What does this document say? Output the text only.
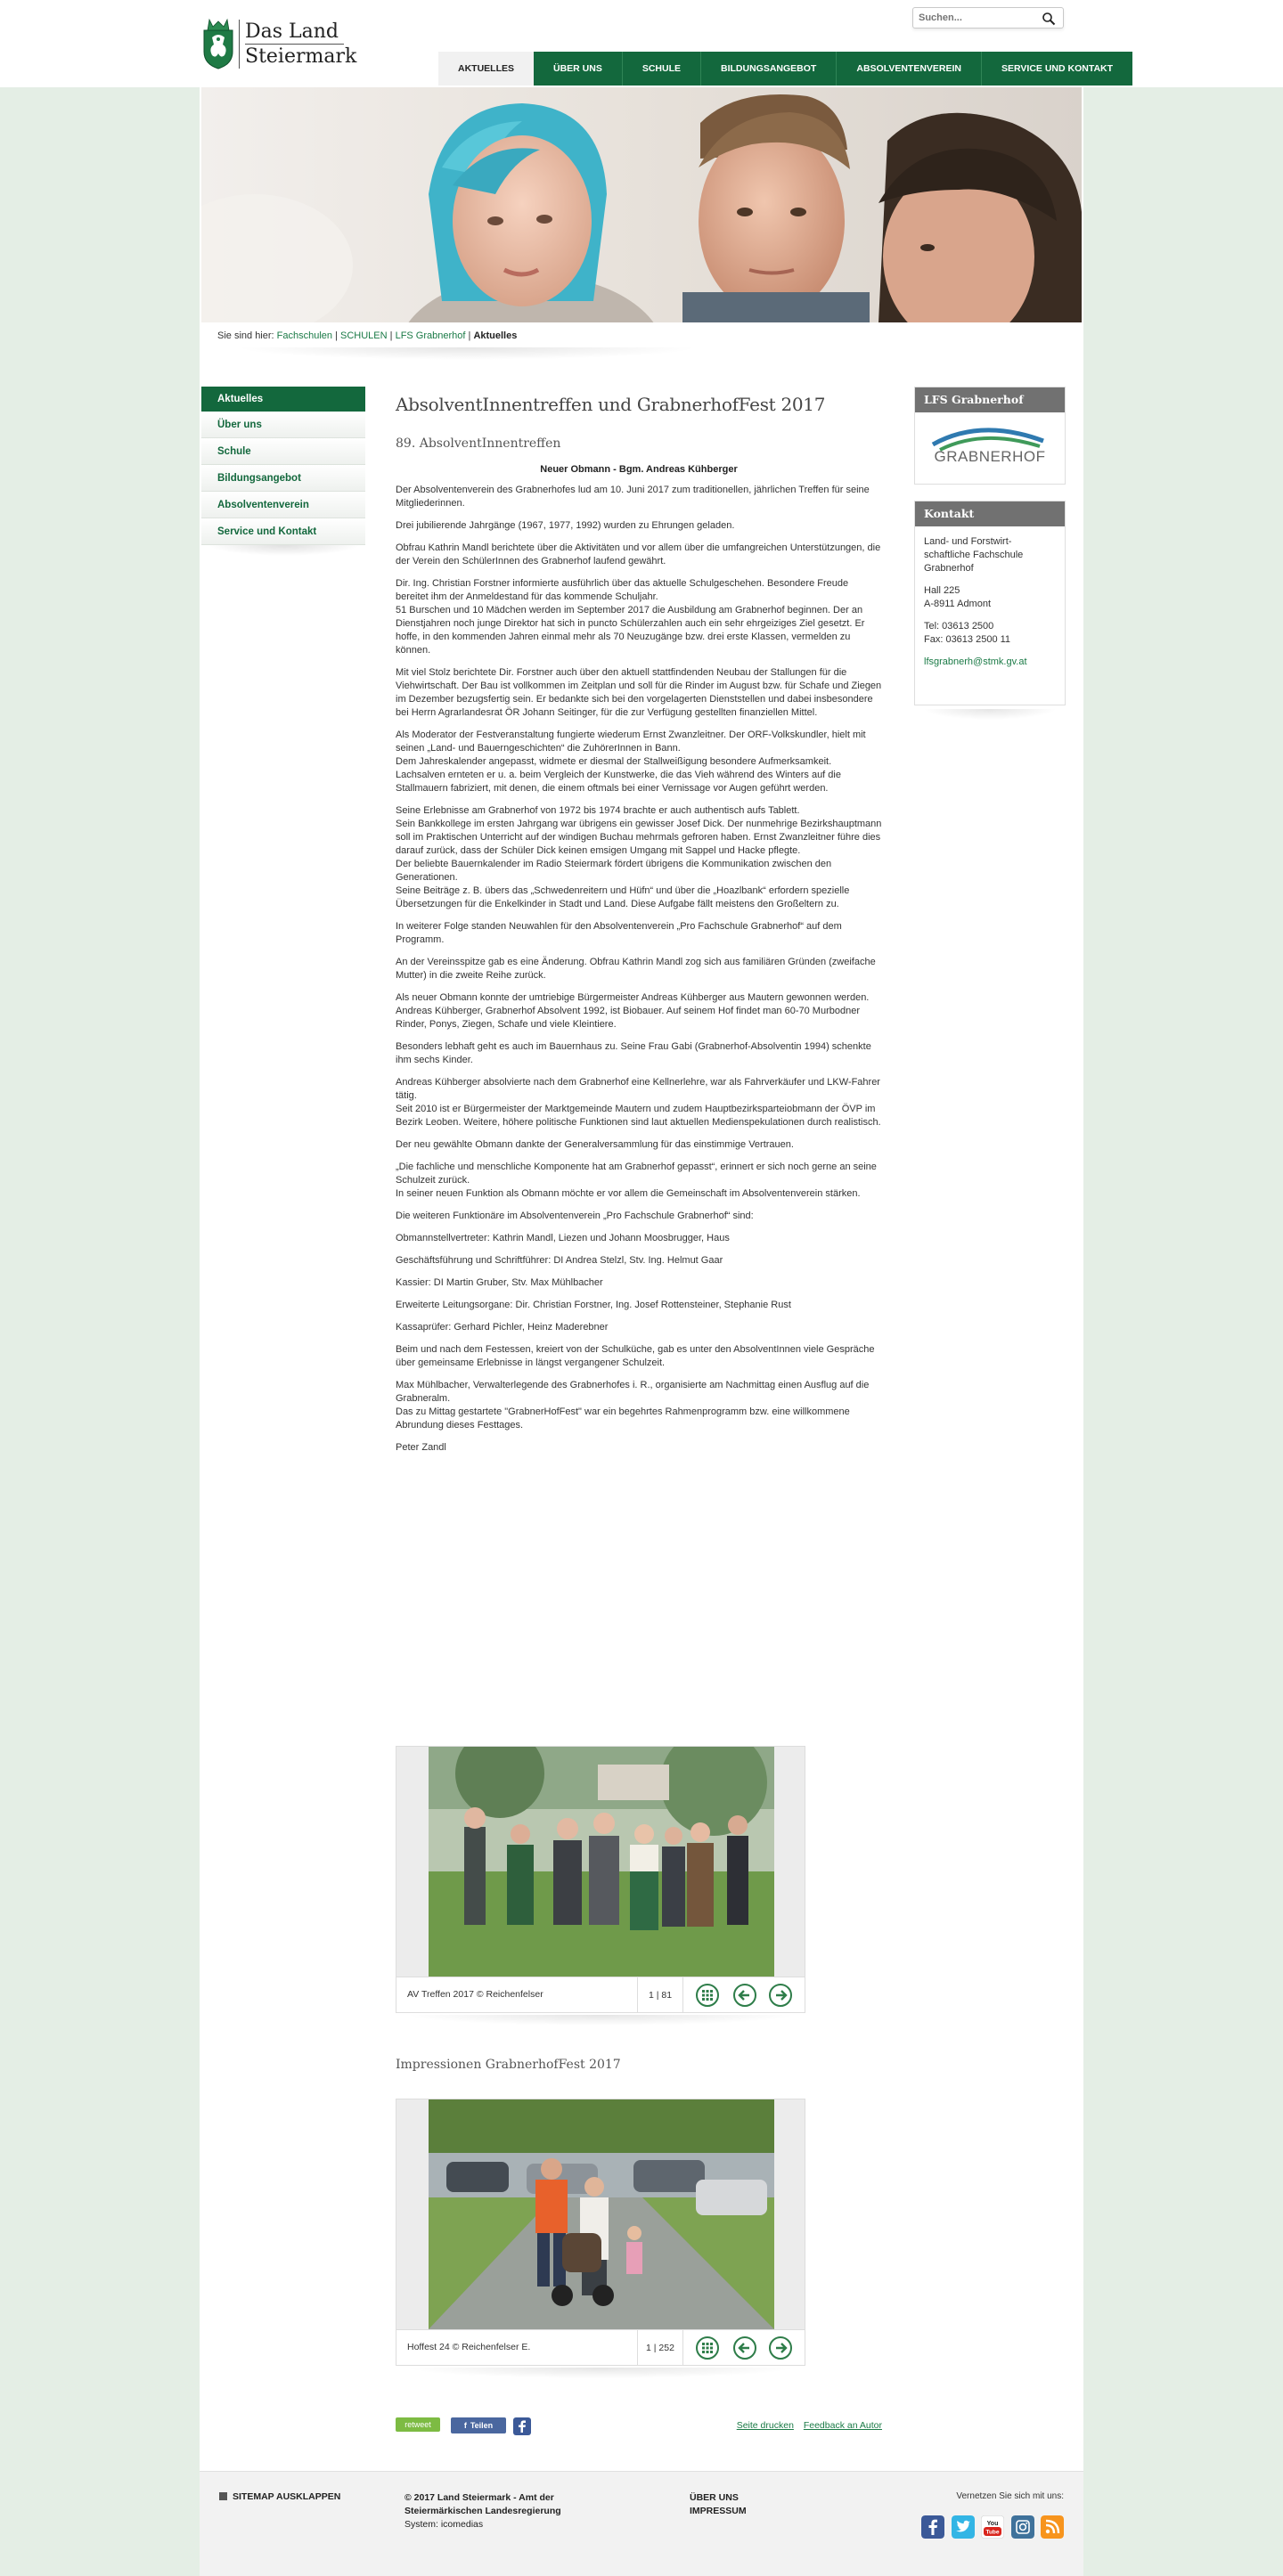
Das Land
Steiermark
Suchen...
AKTUELLES	ÜBER UNS	SCHULE	BILDUNGSANGEBOT	ABSOLVENTENVEREIN	SERVICE UND KONTAKT
Sie sind hier: Fachschulen | SCHULEN | LFS Grabnerhof | Aktuelles
Aktuelles
Über uns
Schule
Bildungsangebot
Absolventenverein
Service und Kontakt
AbsolventInnentreffen und GrabnerhofFest 2017
89. AbsolventInnentreffen
Neuer Obmann - Bgm. Andreas Kühberger

Der Absolventenverein des Grabnerhofes lud am 10. Juni 2017 zum traditionellen, jährlichen Treffen für seine Mitgliederinnen.

Drei jubilierende Jahrgänge (1967, 1977, 1992) wurden zu Ehrungen geladen.

Obfrau Kathrin Mandl berichtete über die Aktivitäten und vor allem über die umfangreichen Unterstützungen, die der Verein den SchülerInnen des Grabnerhof laufend gewährt.

Dir. Ing. Christian Forstner informierte ausführlich über das aktuelle Schulgeschehen. Besondere Freude bereitet ihm der Anmeldestand für das kommende Schuljahr.
51 Burschen und 10 Mädchen werden im September 2017 die Ausbildung am Grabnerhof beginnen. Der an Dienstjahren noch junge Direktor hat sich in puncto Schülerzahlen auch ein sehr ehrgeiziges Ziel gesetzt. Er hoffe, in den kommenden Jahren einmal mehr als 70 Neuzugänge bzw. drei erste Klassen, vermelden zu können.

Mit viel Stolz berichtete Dir. Forstner auch über den aktuell stattfindenden Neubau der Stallungen für die Viehwirtschaft. Der Bau ist vollkommen im Zeitplan und soll für die Rinder im August bzw. für Schafe und Ziegen im Dezember bezugsfertig sein. Er bedankte sich bei den vorgelagerten Dienststellen und dabei insbesondere bei Herrn Agrarlandesrat ÖR Johann Seitinger, für die zur Verfügung gestellten finanziellen Mittel.

Als Moderator der Festveranstaltung fungierte wiederum Ernst Zwanzleitner. Der ORF-Volkskundler, hielt mit seinen „Land- und Bauerngeschichten“ die ZuhörerInnen in Bann.
Dem Jahreskalender angepasst, widmete er diesmal der Stallweißigung besondere Aufmerksamkeit. Lachsalven ernteten er u. a. beim Vergleich der Kunstwerke, die das Vieh während des Winters auf die Stallmauern fabriziert, mit denen, die einem oftmals bei einer Vernissage vor Augen geführt werden.

Seine Erlebnisse am Grabnerhof von 1972 bis 1974 brachte er auch authentisch aufs Tablett.
Sein Bankkollege im ersten Jahrgang war übrigens ein gewisser Josef Dick. Der nunmehrige Bezirkshauptmann soll im Praktischen Unterricht auf der windigen Buchau mehrmals gefroren haben. Ernst Zwanzleitner führe dies darauf zurück, dass der Schüler Dick keinen emsigen Umgang mit Sappel und Hacke pflegte.
Der beliebte Bauernkalender im Radio Steiermark fördert übrigens die Kommunikation zwischen den Generationen.
Seine Beiträge z. B. übers das „Schwedenreitern und Hüfn“ und über die „Hoazlbank“ erfordern spezielle Übersetzungen für die Enkelkinder in Stadt und Land. Diese Aufgabe fällt meistens den Großeltern zu.

In weiterer Folge standen Neuwahlen für den Absolventenverein „Pro Fachschule Grabnerhof“ auf dem Programm.

An der Vereinsspitze gab es eine Änderung. Obfrau Kathrin Mandl zog sich aus familiären Gründen (zweifache Mutter) in die zweite Reihe zurück.

Als neuer Obmann konnte der umtriebige Bürgermeister Andreas Kühberger aus Mautern gewonnen werden.
Andreas Kühberger, Grabnerhof Absolvent 1992, ist Biobauer. Auf seinem Hof findet man 60-70 Murbodner Rinder, Ponys, Ziegen, Schafe und viele Kleintiere.

Besonders lebhaft geht es auch im Bauernhaus zu. Seine Frau Gabi (Grabnerhof-Absolventin 1994) schenkte ihm sechs Kinder.

Andreas Kühberger absolvierte nach dem Grabnerhof eine Kellnerlehre, war als Fahrverkäufer und LKW-Fahrer tätig.
Seit 2010 ist er Bürgermeister der Marktgemeinde Mautern und zudem Hauptbezirksparteiobmann der ÖVP im Bezirk Leoben. Weitere, höhere politische Funktionen sind laut aktuellen Medienspekulationen durch realistisch.

Der neu gewählte Obmann dankte der Generalversammlung für das einstimmige Vertrauen.

„Die fachliche und menschliche Komponente hat am Grabnerhof gepasst“, erinnert er sich noch gerne an seine Schulzeit zurück.
In seiner neuen Funktion als Obmann möchte er vor allem die Gemeinschaft im Absolventenverein stärken.

Die weiteren Funktionäre im Absolventenverein „Pro Fachschule Grabnerhof“ sind:

Obmannstellvertreter: Kathrin Mandl, Liezen und Johann Moosbrugger, Haus

Geschäftsführung und Schriftführer: DI Andrea Stelzl, Stv. Ing. Helmut Gaar

Kassier: DI Martin Gruber, Stv. Max Mühlbacher

Erweiterte Leitungsorgane: Dir. Christian Forstner, Ing. Josef Rottensteiner, Stephanie Rust

Kassaprüfer: Gerhard Pichler, Heinz Maderebner

Beim und nach dem Festessen, kreiert von der Schulküche, gab es unter den AbsolventInnen viele Gespräche über gemeinsame Erlebnisse in längst vergangener Schulzeit.

Max Mühlbacher, Verwalterlegende des Grabnerhofes i. R., organisierte am Nachmittag einen Ausflug auf die Grabneralm.
Das zu Mittag gestartete "GrabnerHofFest" war ein begehrtes Rahmenprogramm bzw. eine willkommene Abrundung dieses Festtages.

Peter Zandl

AV Treffen 2017 © Reichenfelser	1 | 81
Impressionen GrabnerhofFest 2017
Hoffest 24 © Reichenfelser E.	1 | 252
retweet	f Teilen	Seite drucken Feedback an Autor
LFS Grabnerhof
GRABNERHOF
Kontakt

Land- und Forstwirt-schaftliche Fachschule Grabnerhof

Hall 225
A-8911 Admont

Tel: 03613 2500
Fax: 03613 2500 11

lfsgrabnerh@stmk.gv.at

SITEMAP AUSKLAPPEN	© 2017 Land Steiermark - Amt der
Steiermärkischen Landesregierung
System: icomedias
ÜBER UNS
IMPRESSUM
Vernetzen Sie sich mit uns:
You
Tube
